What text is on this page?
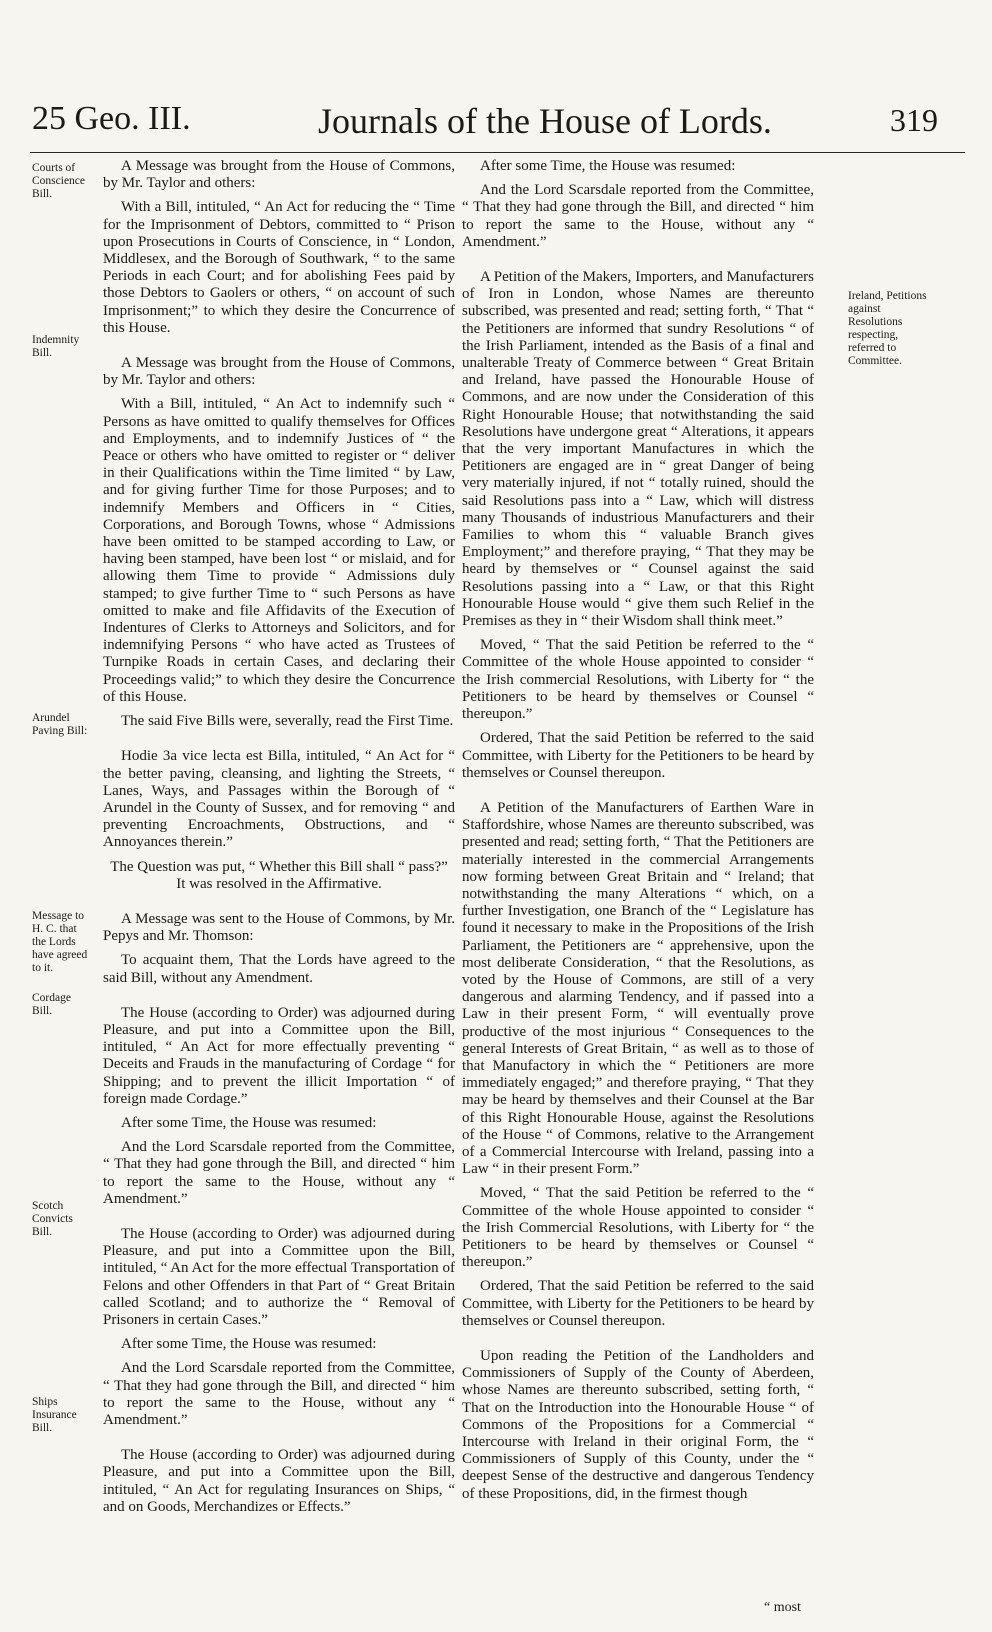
25 Geo. III.	Journals of the House of Lords.	319
Courts of Conscience Bill.
Indemnity Bill.
Arundel Paving Bill:
Message to H. C. that the Lords have agreed to it.
Cordage Bill.
Scotch Convicts Bill.
Ships Insurance Bill.
Ireland, Petitions against Resolutions respecting, referred to Committee.

A Message was brought from the House of Commons, by Mr. Taylor and others:

With a Bill, intituled, “ An Act for reducing the “ Time for the Imprisonment of Debtors, committed to “ Prison upon Prosecutions in Courts of Conscience, in “ London, Middlesex, and the Borough of Southwark, “ to the same Periods in each Court; and for abolishing Fees paid by those Debtors to Gaolers or others, “ on account of such Imprisonment;” to which they desire the Concurrence of this House.

A Message was brought from the House of Commons, by Mr. Taylor and others:

With a Bill, intituled, “ An Act to indemnify such “ Persons as have omitted to qualify themselves for Offices and Employments, and to indemnify Justices of “ the Peace or others who have omitted to register or “ deliver in their Qualifications within the Time limited “ by Law, and for giving further Time for those Purposes; and to indemnify Members and Officers in “ Cities, Corporations, and Borough Towns, whose “ Admissions have been omitted to be stamped according to Law, or having been stamped, have been lost “ or mislaid, and for allowing them Time to provide “ Admissions duly stamped; to give further Time to “ such Persons as have omitted to make and file Affidavits of the Execution of Indentures of Clerks to Attorneys and Solicitors, and for indemnifying Persons “ who have acted as Trustees of Turnpike Roads in certain Cases, and declaring their Proceedings valid;” to which they desire the Concurrence of this House.

The said Five Bills were, severally, read the First Time.

Hodie 3a vice lecta est Billa, intituled, “ An Act for “ the better paving, cleansing, and lighting the Streets, “ Lanes, Ways, and Passages within the Borough of “ Arundel in the County of Sussex, and for removing “ and preventing Encroachments, Obstructions, and “ Annoyances therein.”

The Question was put, “ Whether this Bill shall “ pass?”

It was resolved in the Affirmative.

A Message was sent to the House of Commons, by Mr. Pepys and Mr. Thomson:

To acquaint them, That the Lords have agreed to the said Bill, without any Amendment.

The House (according to Order) was adjourned during Pleasure, and put into a Committee upon the Bill, intituled, “ An Act for more effectually preventing “ Deceits and Frauds in the manufacturing of Cordage “ for Shipping; and to prevent the illicit Importation “ of foreign made Cordage.”

After some Time, the House was resumed:

And the Lord Scarsdale reported from the Committee, “ That they had gone through the Bill, and directed “ him to report the same to the House, without any “ Amendment.”

The House (according to Order) was adjourned during Pleasure, and put into a Committee upon the Bill, intituled, “ An Act for the more effectual Transportation of Felons and other Offenders in that Part of “ Great Britain called Scotland; and to authorize the “ Removal of Prisoners in certain Cases.”

After some Time, the House was resumed:

And the Lord Scarsdale reported from the Committee, “ That they had gone through the Bill, and directed “ him to report the same to the House, without any “ Amendment.”

The House (according to Order) was adjourned during Pleasure, and put into a Committee upon the Bill, intituled, “ An Act for regulating Insurances on Ships, “ and on Goods, Merchandizes or Effects.”

After some Time, the House was resumed:

And the Lord Scarsdale reported from the Committee, “ That they had gone through the Bill, and directed “ him to report the same to the House, without any “ Amendment.”

A Petition of the Makers, Importers, and Manufacturers of Iron in London, whose Names are thereunto subscribed, was presented and read; setting forth, “ That “ the Petitioners are informed that sundry Resolutions “ of the Irish Parliament, intended as the Basis of a final and unalterable Treaty of Commerce between “ Great Britain and Ireland, have passed the Honourable House of Commons, and are now under the Consideration of this Right Honourable House; that notwithstanding the said Resolutions have undergone great “ Alterations, it appears that the very important Manufactures in which the Petitioners are engaged are in “ great Danger of being very materially injured, if not “ totally ruined, should the said Resolutions pass into a “ Law, which will distress many Thousands of industrious Manufacturers and their Families to whom this “ valuable Branch gives Employment;” and therefore praying, “ That they may be heard by themselves or “ Counsel against the said Resolutions passing into a “ Law, or that this Right Honourable House would “ give them such Relief in the Premises as they in “ their Wisdom shall think meet.”

Moved, “ That the said Petition be referred to the “ Committee of the whole House appointed to consider “ the Irish commercial Resolutions, with Liberty for “ the Petitioners to be heard by themselves or Counsel “ thereupon.”

Ordered, That the said Petition be referred to the said Committee, with Liberty for the Petitioners to be heard by themselves or Counsel thereupon.

A Petition of the Manufacturers of Earthen Ware in Staffordshire, whose Names are thereunto subscribed, was presented and read; setting forth, “ That the Petitioners are materially interested in the commercial Arrangements now forming between Great Britain and “ Ireland; that notwithstanding the many Alterations “ which, on a further Investigation, one Branch of the “ Legislature has found it necessary to make in the Propositions of the Irish Parliament, the Petitioners are “ apprehensive, upon the most deliberate Consideration, “ that the Resolutions, as voted by the House of Commons, are still of a very dangerous and alarming Tendency, and if passed into a Law in their present Form, “ will eventually prove productive of the most injurious “ Consequences to the general Interests of Great Britain, “ as well as to those of that Manufactory in which the “ Petitioners are more immediately engaged;” and therefore praying, “ That they may be heard by themselves and their Counsel at the Bar of this Right Honourable House, against the Resolutions of the House “ of Commons, relative to the Arrangement of a Commercial Intercourse with Ireland, passing into a Law “ in their present Form.”

Moved, “ That the said Petition be referred to the “ Committee of the whole House appointed to consider “ the Irish Commercial Resolutions, with Liberty for “ the Petitioners to be heard by themselves or Counsel “ thereupon.”

Ordered, That the said Petition be referred to the said Committee, with Liberty for the Petitioners to be heard by themselves or Counsel thereupon.

Upon reading the Petition of the Landholders and Commissioners of Supply of the County of Aberdeen, whose Names are thereunto subscribed, setting forth, “ That on the Introduction into the Honourable House “ of Commons of the Propositions for a Commercial “ Intercourse with Ireland in their original Form, the “ Commissioners of Supply of this County, under the “ deepest Sense of the destructive and dangerous Tendency of these Propositions, did, in the firmest though

“ most
